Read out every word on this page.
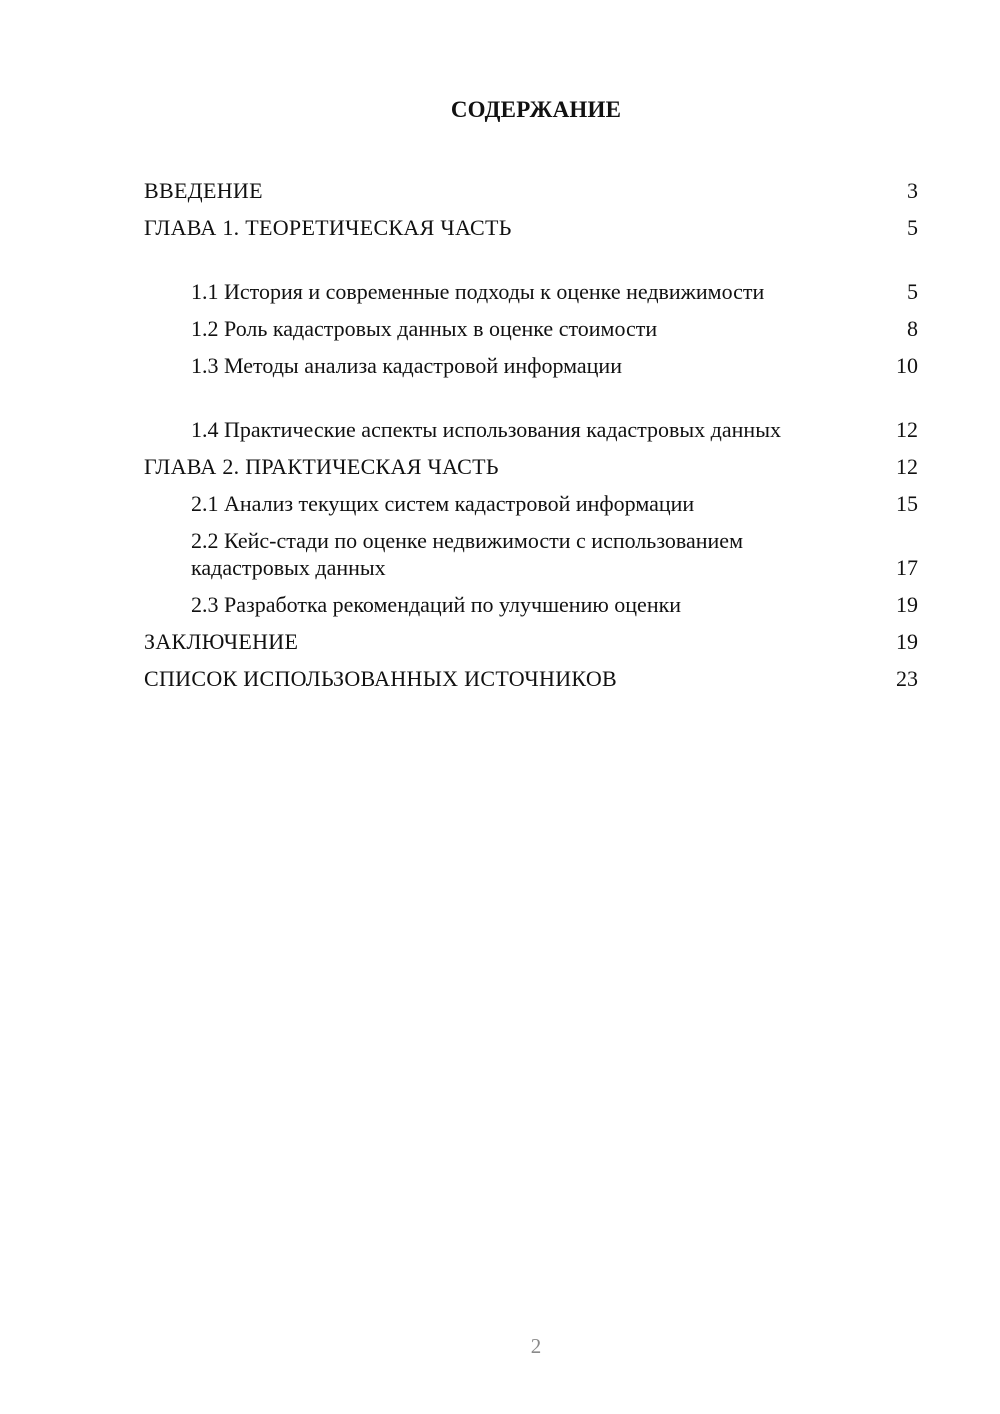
СОДЕРЖАНИЕ
ВВЕДЕНИЕ	3
ГЛАВА 1. ТЕОРЕТИЧЕСКАЯ ЧАСТЬ	5
1.1 История и современные подходы к оценке недвижимости	5
1.2 Роль кадастровых данных в оценке стоимости	8
1.3 Методы анализа кадастровой информации	10
1.4 Практические аспекты использования кадастровых данных	12
ГЛАВА 2. ПРАКТИЧЕСКАЯ ЧАСТЬ	12
2.1 Анализ текущих систем кадастровой информации	15
2.2 Кейс-стади по оценке недвижимости с использованием кадастровых данных	17
2.3 Разработка рекомендаций по улучшению оценки	19
ЗАКЛЮЧЕНИЕ	19
СПИСОК ИСПОЛЬЗОВАННЫХ ИСТОЧНИКОВ	23
2
